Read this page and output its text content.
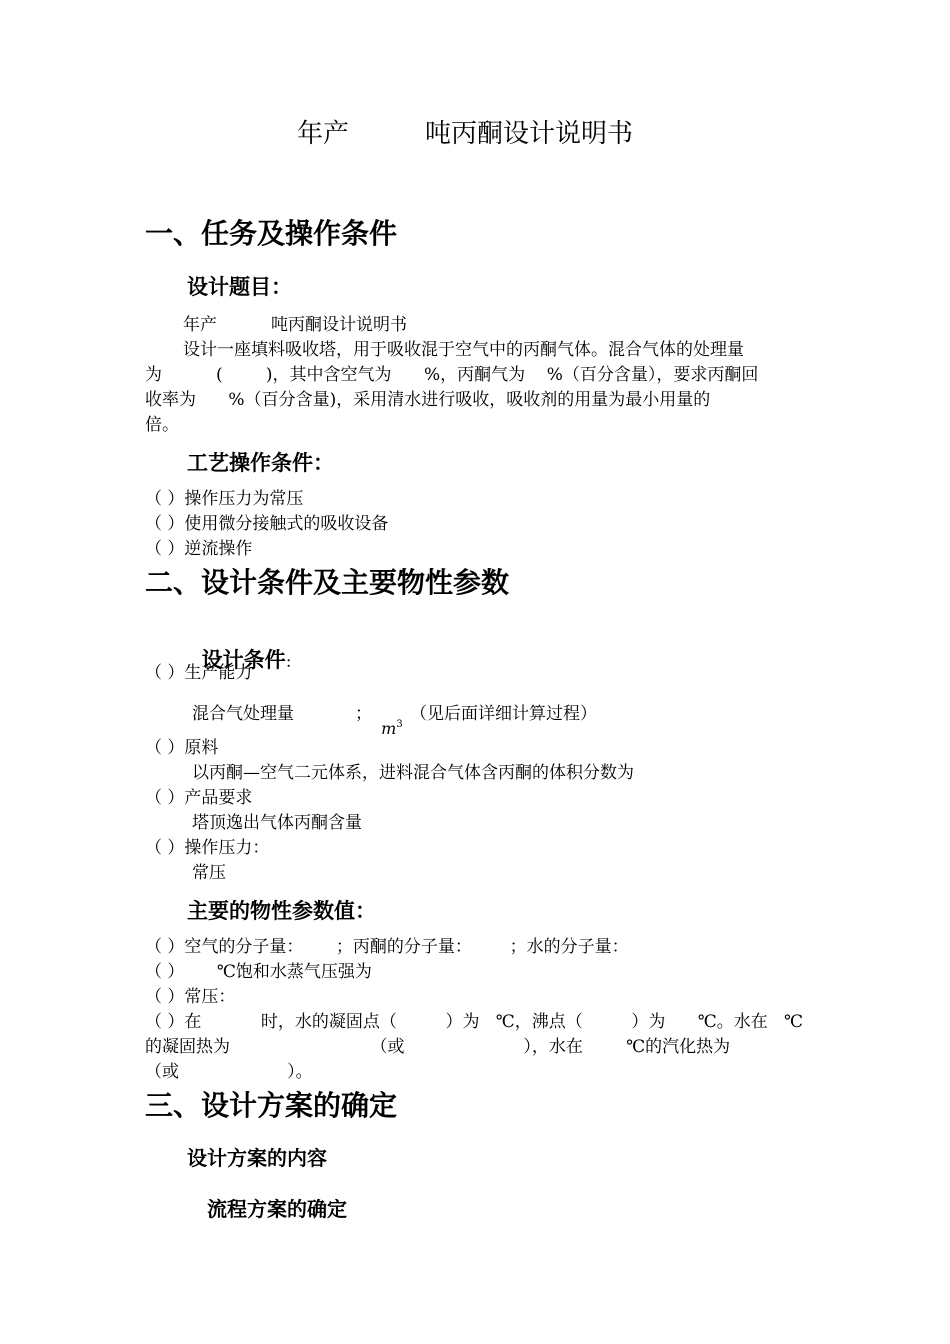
年产	吨丙酮设计说明书
一、任务及操作条件
设计题目：
年产          吨丙酮设计说明书
设计一座填料吸收塔，用于吸收混于空气中的丙酮气体。混合气体的处理量
为          (        )，其中含空气为      %，丙酮气为    %（百分含量），要求丙酮回
收率为      %（百分含量)，采用清水进行吸收，吸收剂的用量为最小用量的
倍。
工艺操作条件：
（ ）操作压力为常压
（ ）使用微分接触式的吸收设备
（ ）逆流操作
二、设计条件及主要物性参数

设计条件：

（ ）生产能力
混合气处理量	；

$m^3$

（见后面详细计算过程）
（ ）原料
以丙酮—空气二元体系，进料混合气体含丙酮的体积分数为
（ ）产品要求
塔顶逸出气体丙酮含量
（ ）操作压力：
常压
主要的物性参数值：
（ ）空气的分子量：      ；丙酮的分子量：       ；水的分子量：
（ ）      ℃饱和水蒸气压强为
（ ）常压：
（ ）在           时，水的凝固点（         ）为   ℃，沸点（         ）为      ℃。水在   ℃
的凝固热为                          （或                      ），水在        ℃的汽化热为
（或                    ）。
三、设计方案的确定
设计方案的内容
流程方案的确定
